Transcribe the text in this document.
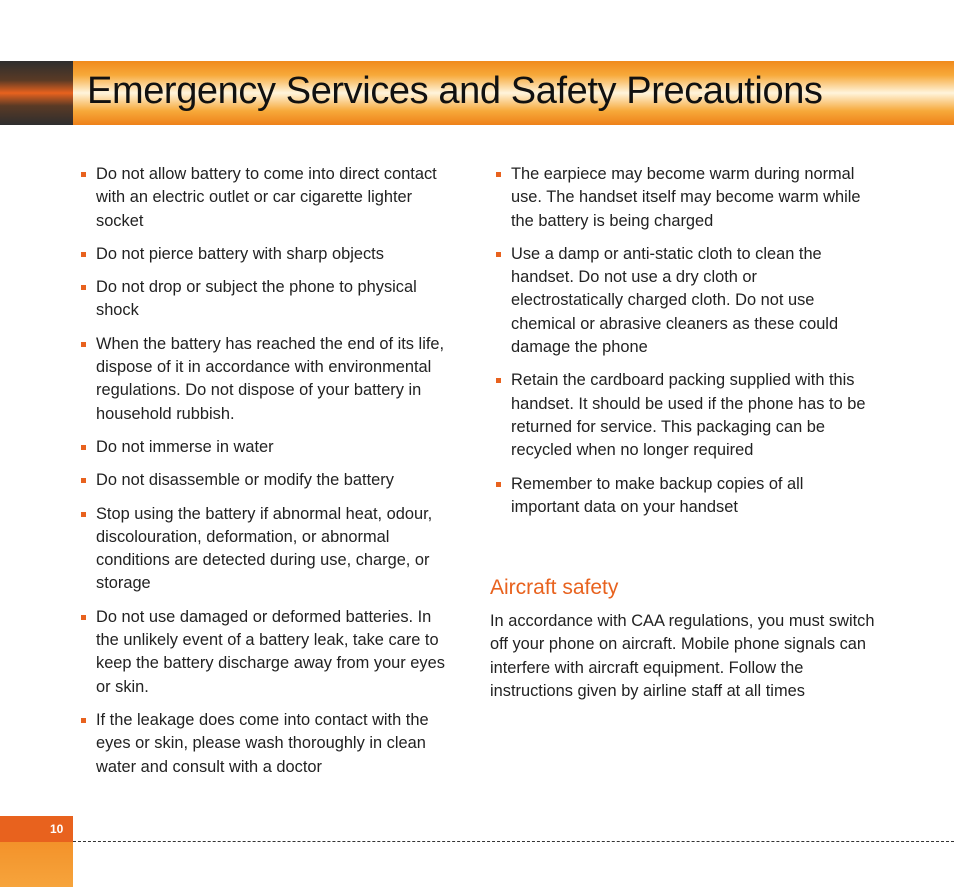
Emergency Services and Safety Precautions
Do not allow battery to come into direct contact with an electric outlet or car cigarette lighter socket
Do not pierce battery with sharp objects
Do not drop or subject the phone to physical shock
When the battery has reached the end of its life, dispose of it in accordance with environmental regulations. Do not dispose of your battery in household rubbish.
Do not immerse in water
Do not disassemble or modify the battery
Stop using the battery if abnormal heat, odour, discolouration, deformation, or abnormal conditions are detected during use, charge, or storage
Do not use damaged or deformed batteries. In the unlikely event of a battery leak, take care to keep the battery discharge away from your eyes or skin.
If the leakage does come into contact with the eyes or skin, please wash thoroughly in clean water and consult with a doctor
The earpiece may become warm during normal use. The handset itself may become warm while the battery is being charged
Use a damp or anti-static cloth to clean the handset. Do not use a dry cloth or electrostatically charged cloth. Do not use chemical or abrasive cleaners as these could damage the phone
Retain the cardboard packing supplied with this handset. It should be used if the phone has to be returned for service. This packaging can be recycled when no longer required
Remember to make backup copies of all important data on your handset
Aircraft safety

In accordance with CAA regulations, you must switch off your phone on aircraft. Mobile phone signals can interfere with aircraft equipment. Follow the instructions given by airline staff at all times

10
